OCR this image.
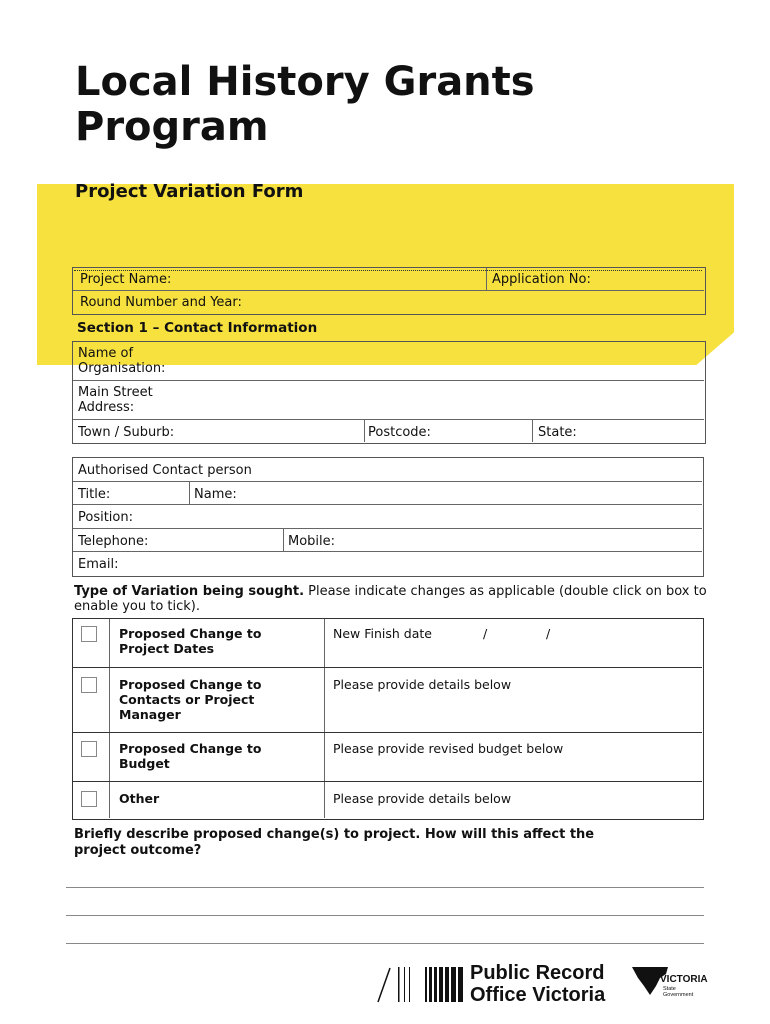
Local History Grants
Program
Project Variation Form
Project Name:	Application No:
Round Number and Year:
Section 1 – Contact Information
Name of
Organisation:
Main Street
Address:
Town / Suburb:	Postcode:	State:
Authorised Contact person
Title:	Name:
Position:
Telephone:	Mobile:
Email:
Type of Variation being sought. Please indicate changes as applicable (double click on box to enable you to tick).
Proposed Change to
Project Dates
New Finish date	/	/
Proposed Change to
Contacts or Project
Manager
Please provide details below
Proposed Change to
Budget
Please provide revised budget below
Other	Please provide details below
Briefly describe proposed change(s) to project. How will this affect the
project outcome?
Public Record
Office Victoria
VICTORIA
State
Government
